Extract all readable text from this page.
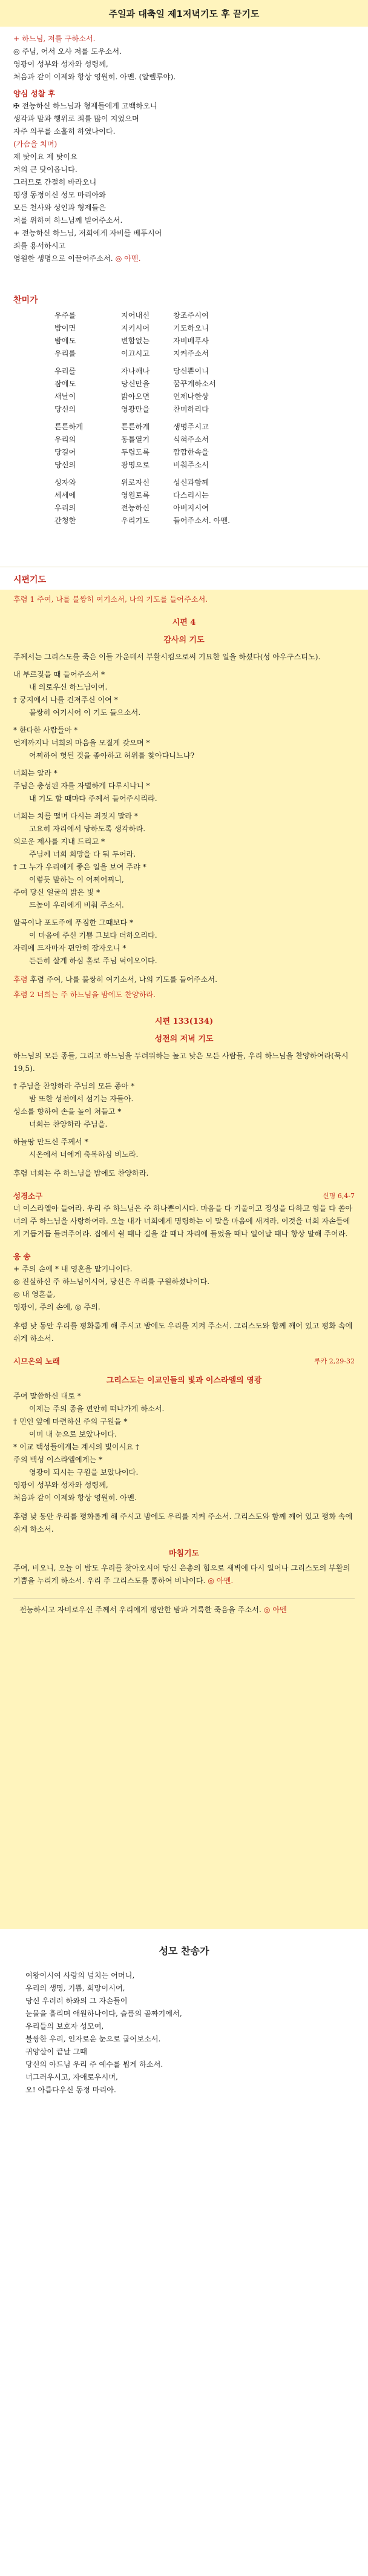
주일과 대축일 제1저녁기도 후 끝기도
+ 하느님, 저를 구하소서.
◎ 주님, 어서 오사 저를 도우소서.
영광이 성부와 성자와 성령께,
처음과 같이 이제와 항상 영원히. 아멘. (알렐루야).
양심 성찰 후
✠ 전능하신 하느님과 형제들에게 고백하오니
생각과 말과 행위로 죄를 많이 지었으며
자주 의무를 소홀히 하였나이다.
(가슴을 치며)
제 탓이요 제 탓이요
저의 큰 탓이옵니다.
그러므로 간절히 바라오니
평생 동정이신 성모 마리아와
모든 천사와 성인과 형제들은
저를 위하여 하느님께 빌어주소서.
+ 전능하신 하느님, 저희에게 자비를 베푸시어
죄를 용서하시고
영원한 생명으로 이끌어주소서. ◎ 아멘.
찬미가
우주를	지어내신	창조주시여
밤이면	지키시어	기도하오니
밤에도	변함없는	자비베푸사
우리를	이끄시고	지켜주소서
우리를	자나깨나	당신뿐이니
잠에도	당신만을	꿈꾸게하소서
새날이	밝아오면	언제나한상
당신의	영광만을	찬미하리다
튼튼하게	튼튼하게	생명주시고
우리의	동틀열기	식혀주소서
당길어	두렵도록	깜깜한속을
당신의	광명으로	비춰주소서
성자와	위로자신	성신과함께
세세에	영원토록	다스리시는
우리의	전능하신	아버지시여
간청한	우리기도	들어주소서. 아멘.
시편기도
후렴 1 주여, 나를 불쌍히 여기소서, 나의 기도를 들어주소서.
시편 4
감사의 기도
주께서는 그리스도를 죽은 이들 가운데서 부활시킴으로써 기묘한 일을 하셨다(성 아우구스티노).
내 부르짖을 때 들어주소서 *
내 의로우신 하느님이여.
† 궁지에서 나를 건져주신 이여 *
불쌍히 여기시어 이 기도 들으소서.
* 한다한 사람들아 *
언제까지나 너희의 마음을 모질게 갖으며 *
어찌하여 헛된 것을 좋아하고 허위를 찾아다니느냐?
너희는 알라 *
주님은 충성된 자를 자별하게 다루시나니 *
내 기도 할 때마다 주께서 들어주시리라.
너희는 치를 떨며 다시는 죄짓지 말라 *
고요히 자리에서 당하도록 생각하라.
의로운 제사를 지내 드리고 *
주님께 너희 희망을 다 둬 두어라.
† 그 누가 우리에게 좋은 일을 보여 주랴 *
이렇듯 말하는 이 어찌어찌니,
주여 당신 얼굴의 밝은 빛 *
드높이 우리에게 비춰 주소서.
알곡이나 포도주에 푸짐한 그때보다 *
이 마음에 주신 기쁨 그보다 더하오리다.
자리에 드자마자 편안히 잠자오니 *
든든히 살게 하심 홀로 주님 덕이오이다.
후렴 후렴 주여, 나를 불쌍히 여기소서, 나의 기도를 들어주소서.
후렴 2 너희는 주 하느님을 밤에도 찬양하라.
시편 133(134)
성전의 저녁 기도
하느님의 모든 종들, 그리고 하느님을 두려워하는 높고 낮은 모든 사람들, 우리 하느님을 찬양하여라(묵시 19,5).
† 주님을 찬양하라 주님의 모든 종아 *
밤 또한 성전에서 섬기는 자들아.
성소를 향하여 손을 높이 쳐들고 *
너희는 찬양하라 주님을.
하늘땅 만드신 주께서 *
시온에서 너에게 축복하심 비노라.
후렴 너희는 주 하느님을 밤에도 찬양하라.
성경소구	신명 6,4-7
너 이스라엘아 들어라. 우리 주 하느님은 주 하나뿐이시다. 마음을 다 기울이고 정성을 다하고 힘을 다 쏟아 너의 주 하느님을 사랑하여라. 오늘 내가 너희에게 명령하는 이 말을 마음에 새겨라. 이것을 너희 자손들에게 거듭거듭 들려주어라. 집에서 쉴 때나 길을 갈 때나 자리에 들었을 때나 일어날 때나 항상 말해 주어라.
응 송
+ 주의 손에 * 내 영혼을 맡기나이다.
◎ 진실하신 주 하느님이시여, 당신은 우리를 구원하셨나이다.
◎ 내 영혼을,
영광이, 주의 손에, ◎ 주의.
후렴 낮 동안 우리를 평화롭게 해 주시고 밤에도 우리를 지켜 주소서. 그리스도와 함께 깨어 있고 평화 속에 쉬게 하소서.
시므온의 노래	루카 2,29-32
그리스도는 이교인들의 빛과 이스라엘의 영광
주여 말씀하신 대로 *
이제는 주의 종을 편안히 떠나가게 하소서.
† 민인 앞에 마련하신 주의 구원을 *
이미 내 눈으로 보았나이다.
* 이교 백성들에게는 계시의 빛이시요 †
주의 백성 이스라엘에게는 *
영광이 되시는 구원을 보았나이다.
영광이 성부와 성자와 성령께,
처음과 같이 이제와 항상 영원히. 아멘.
후렴 낮 동안 우리를 평화롭게 해 주시고 밤에도 우리를 지켜 주소서. 그리스도와 함께 깨어 있고 평화 속에 쉬게 하소서.
마침기도
주여, 비오니, 오늘 이 밤도 우리를 찾아오시어 당신 은총의 힘으로 새벽에 다시 일어나 그리스도의 부활의 기쁨을 누리게 하소서. 우리 주 그리스도를 통하여 비나이다. ◎ 아멘.
전능하시고 자비로우신 주께서 우리에게 평안한 밤과 거룩한 죽음을 주소서. ◎ 아멘
성모 찬송가
여왕이시여 사랑의 넘치는 어머니,
우리의 생명, 기쁨, 희망이시여,
당신 우러러 하와의 그 자손들이
눈물을 흘리며 애원하나이다, 슬픔의 골짜기에서,
우리들의 보호자 성모여,
불쌍한 우리, 인자로운 눈으로 굽어보소서.
귀양살이 끝날 그때
당신의 아드님 우리 주 예수를 뵙게 하소서.
너그러우시고, 자애로우시며,
오! 아름다우신 동정 마리아.
